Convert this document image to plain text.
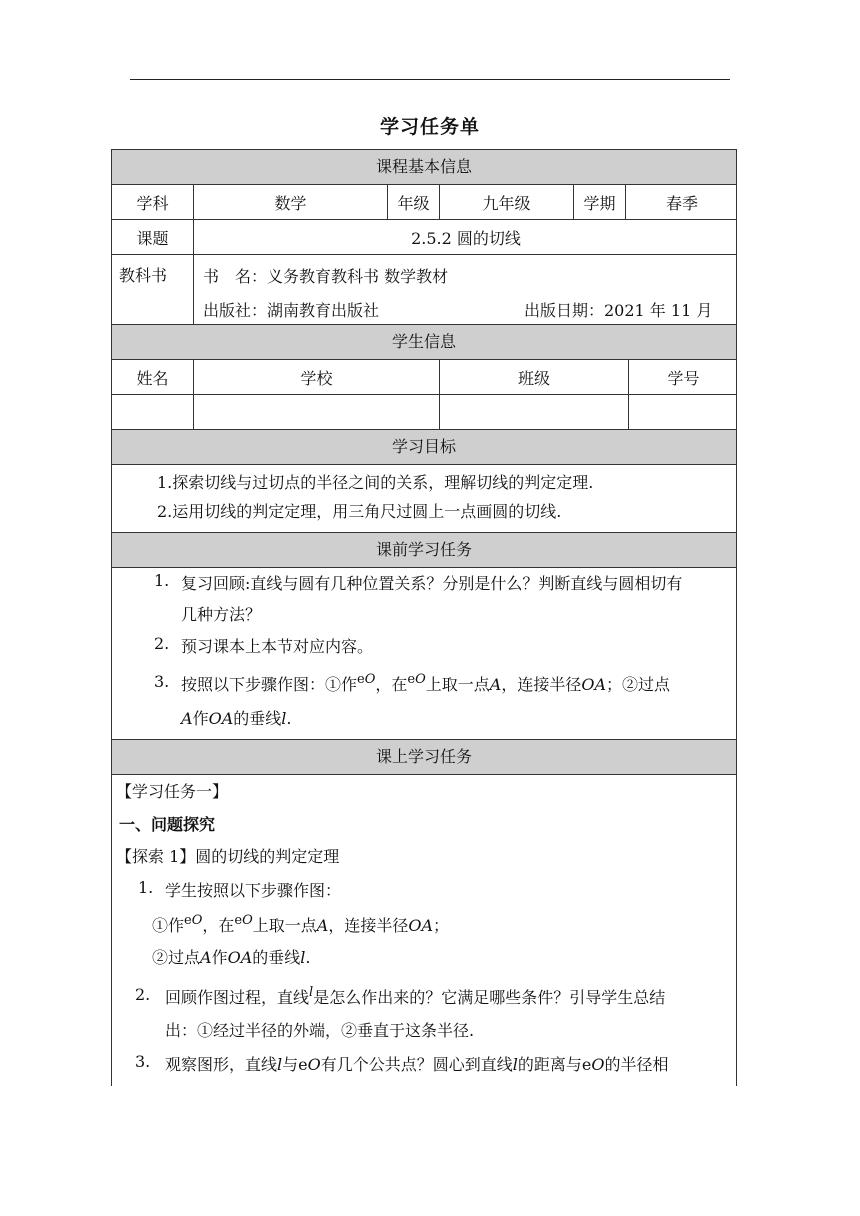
学习任务单
课程基本信息
学科	数学	年级	九年级	学期	春季
课题	2.5.2 圆的切线
教科书	书　名：义务教育教科书 数学教材
出版社：湖南教育出版社	出版日期：2021 年 11 月
学生信息
姓名	学校	班级	学号
学习目标
1.探索切线与过切点的半径之间的关系，理解切线的判定定理.
2.运用切线的判定定理，用三角尺过圆上一点画圆的切线.
课前学习任务
1. 复习回顾:直线与圆有几种位置关系？分别是什么？判断直线与圆相切有
几种方法？
2. 预习课本上本节对应内容。
3. 按照以下步骤作图：①作$^{eO}$，在$^{eO}$上取一点A，连接半径OA；②过点
A作OA的垂线l.
课上学习任务
【学习任务一】
一、问题探究
【探索 1】圆的切线的判定定理
1. 学生按照以下步骤作图：
①作$^{eO}$，在$^{eO}$上取一点A，连接半径OA；
②过点A作OA的垂线l.
2. 回顾作图过程，直线$^l$是怎么作出来的？它满足哪些条件？引导学生总结
出：①经过半径的外端，②垂直于这条半径.
3. 观察图形，直线l与eO有几个公共点？圆心到直线l的距离与eO的半径相
